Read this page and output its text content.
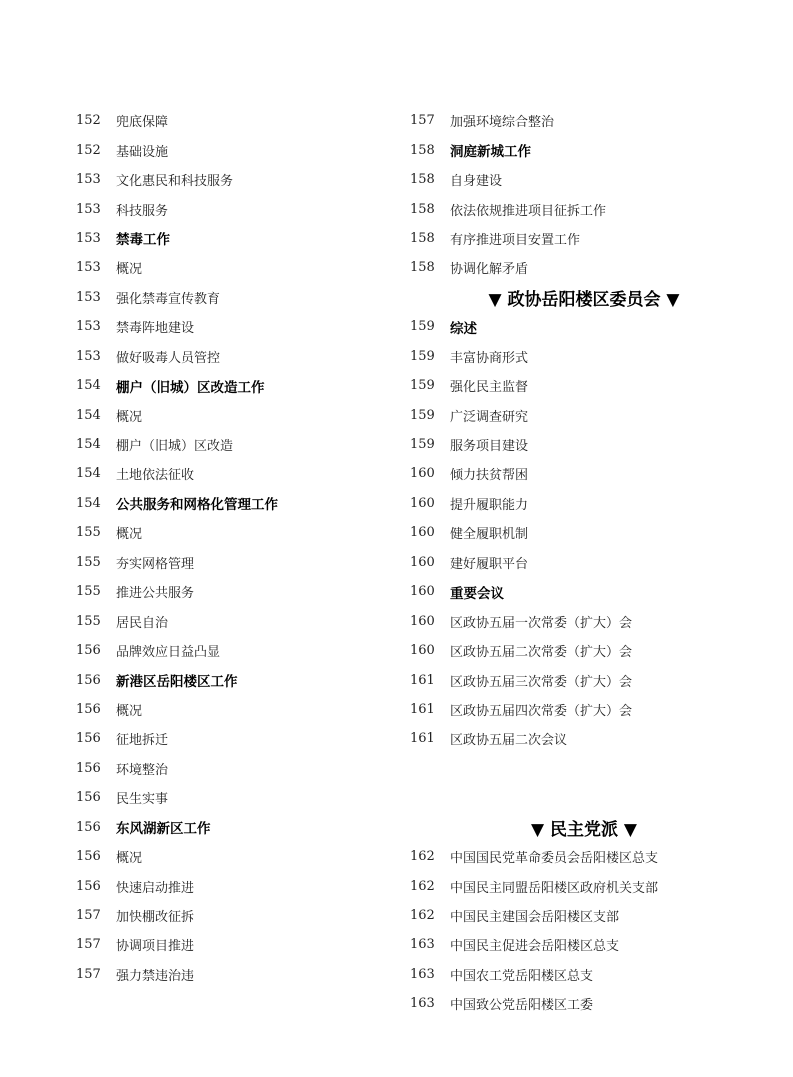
152	兜底保障
152	基础设施
153	文化惠民和科技服务
153	科技服务
153	禁毒工作
153	概况
153	强化禁毒宣传教育
153	禁毒阵地建设
153	做好吸毒人员管控
154	棚户（旧城）区改造工作
154	概况
154	棚户（旧城）区改造
154	土地依法征收
154	公共服务和网格化管理工作
155	概况
155	夯实网格管理
155	推进公共服务
155	居民自治
156	品牌效应日益凸显
156	新港区岳阳楼区工作
156	概况
156	征地拆迁
156	环境整治
156	民生实事
156	东风湖新区工作
156	概况
156	快速启动推进
157	加快棚改征拆
157	协调项目推进
157	强力禁违治违
157	加强环境综合整治
158	洞庭新城工作
158	自身建设
158	依法依规推进项目征拆工作
158	有序推进项目安置工作
158	协调化解矛盾
▼ 政协岳阳楼区委员会 ▼
159	综述
159	丰富协商形式
159	强化民主监督
159	广泛调查研究
159	服务项目建设
160	倾力扶贫帮困
160	提升履职能力
160	健全履职机制
160	建好履职平台
160	重要会议
160	区政协五届一次常委（扩大）会
160	区政协五届二次常委（扩大）会
161	区政协五届三次常委（扩大）会
161	区政协五届四次常委（扩大）会
161	区政协五届二次会议
▼ 民主党派 ▼
162	中国国民党革命委员会岳阳楼区总支
162	中国民主同盟岳阳楼区政府机关支部
162	中国民主建国会岳阳楼区支部
163	中国民主促进会岳阳楼区总支
163	中国农工党岳阳楼区总支
163	中国致公党岳阳楼区工委
